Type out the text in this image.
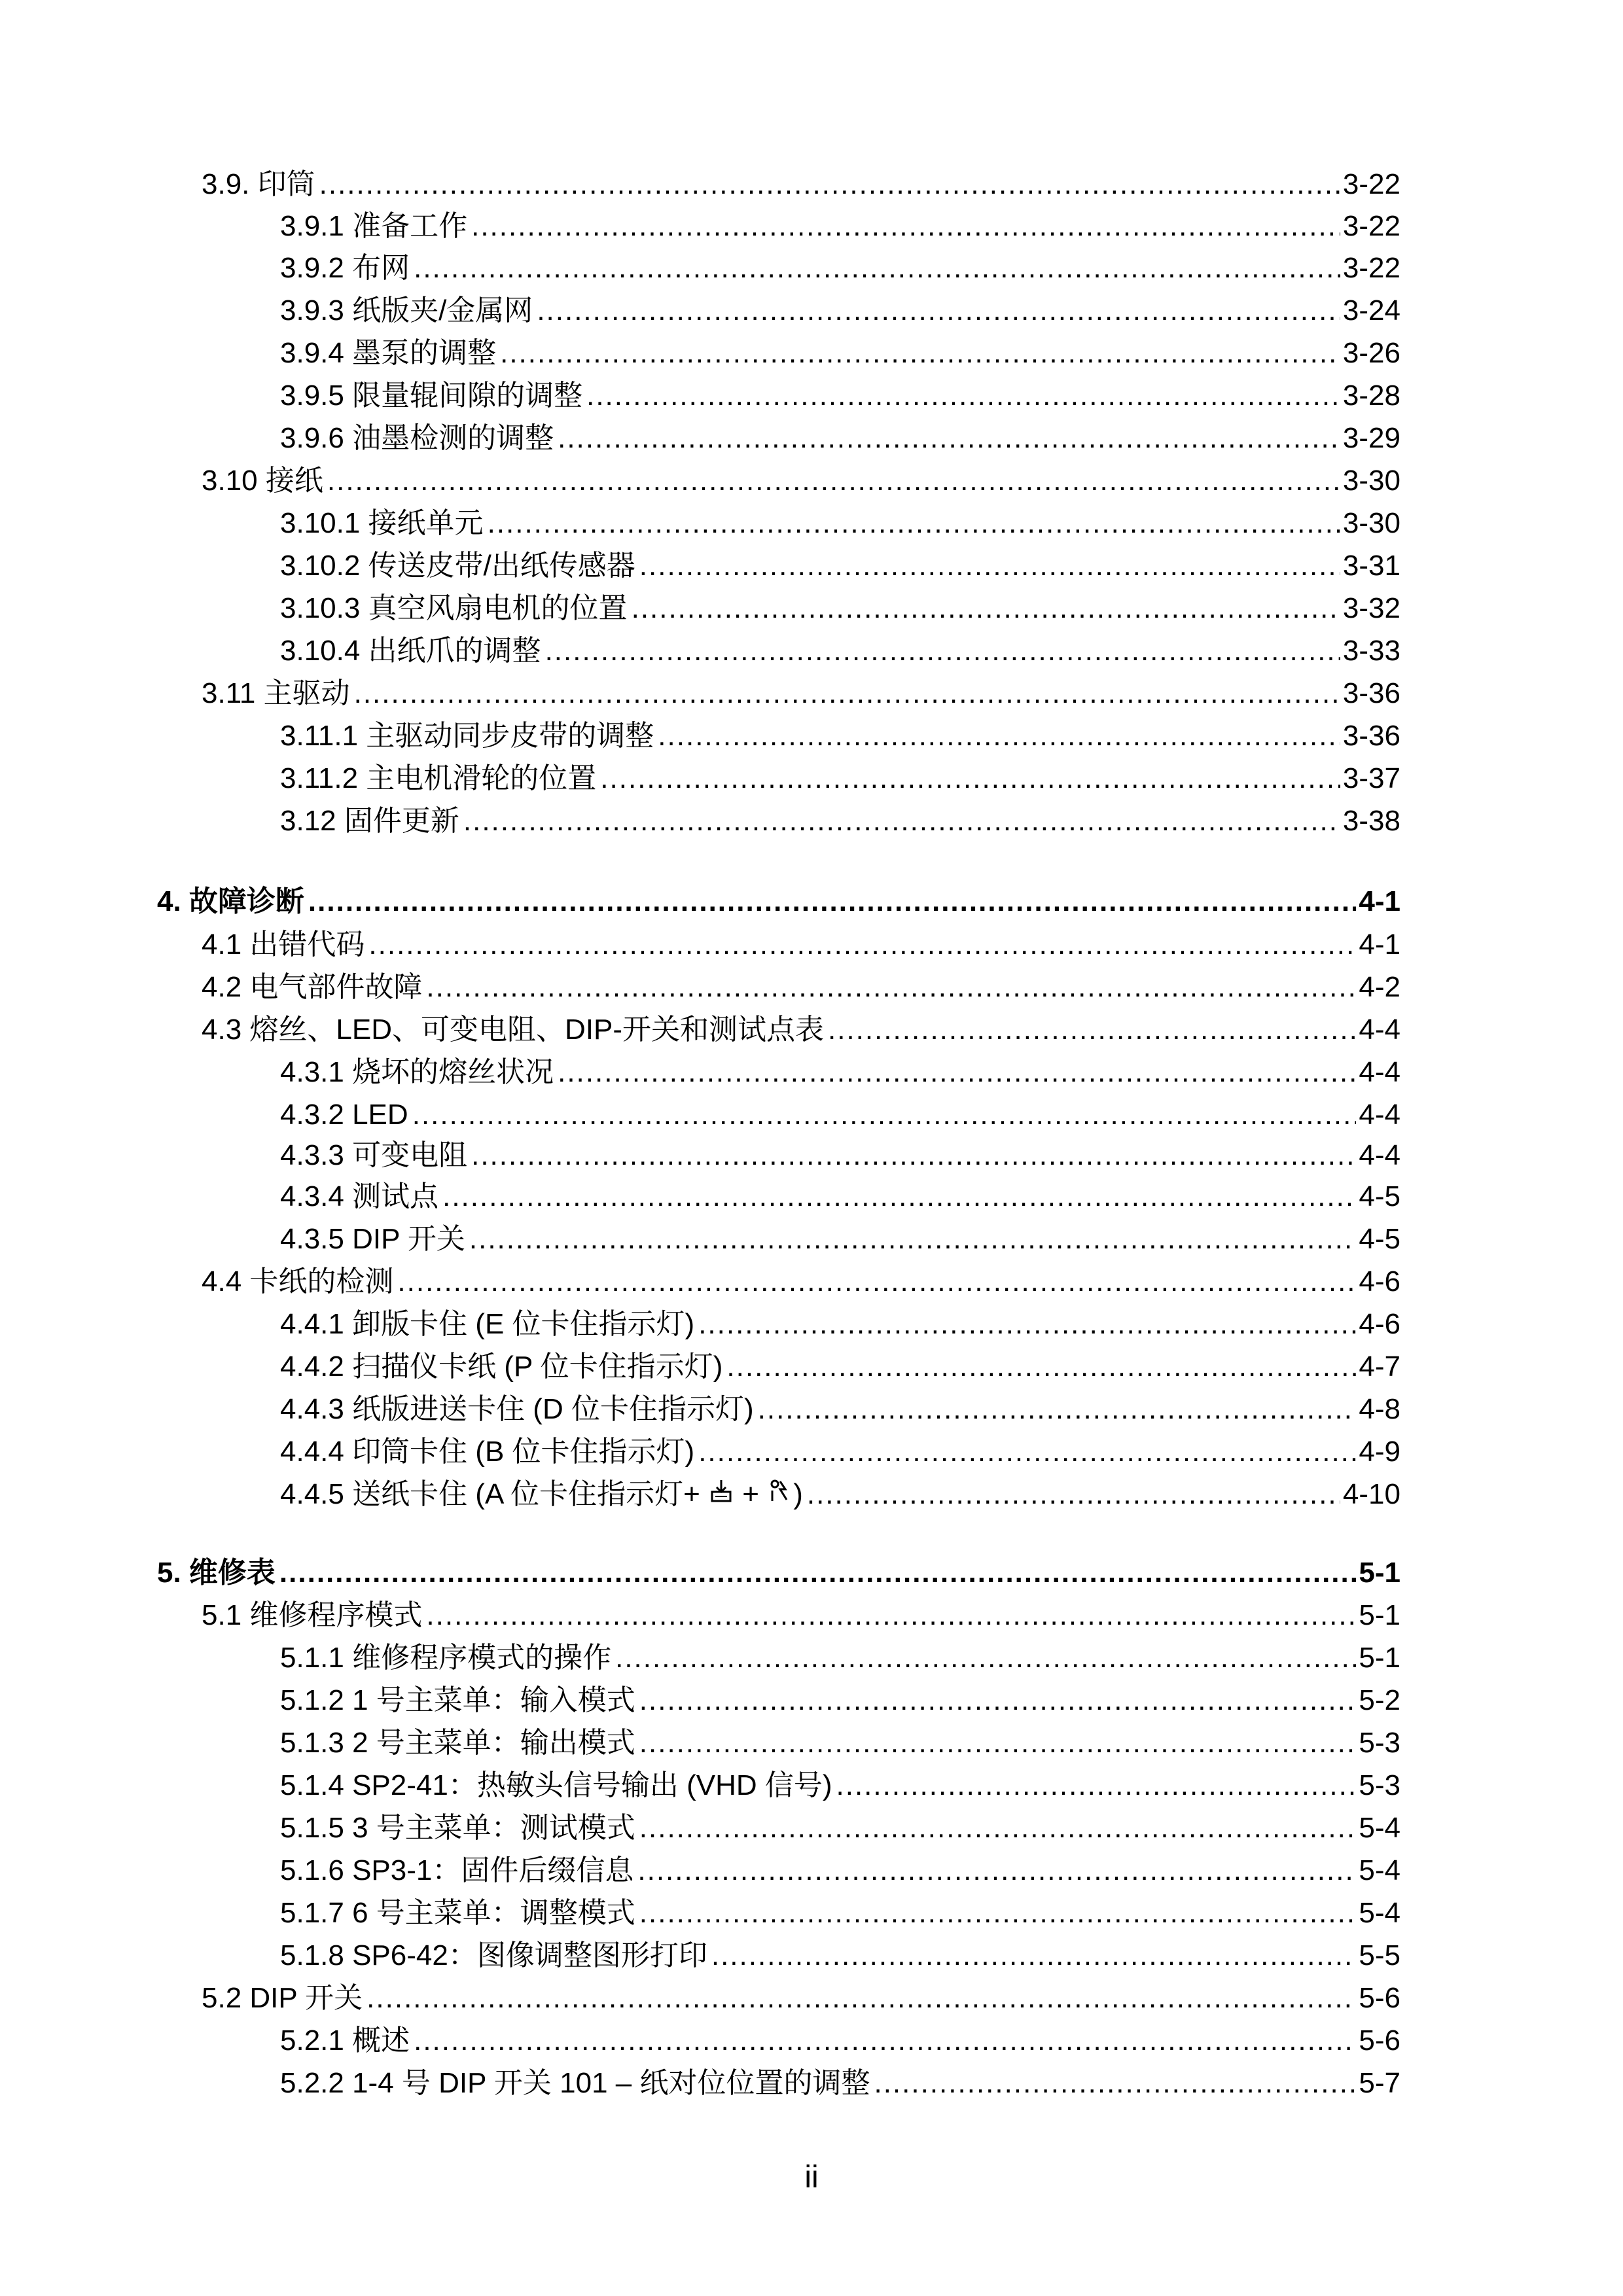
3.9. 印筒 .....	3-22
3.9.1 准备工作 .....	3-22
3.9.2 布网 .....	3-22
3.9.3 纸版夹/金属网 .....	3-24
3.9.4 墨泵的调整 .....	3-26
3.9.5 限量辊间隙的调整 .....	3-28
3.9.6 油墨检测的调整 .....	3-29
3.10 接纸 .....	3-30
3.10.1 接纸单元 .....	3-30
3.10.2 传送皮带/出纸传感器 .....	3-31
3.10.3 真空风扇电机的位置 .....	3-32
3.10.4 出纸爪的调整 .....	3-33
3.11 主驱动 .....	3-36
3.11.1 主驱动同步皮带的调整 .....	3-36
3.11.2 主电机滑轮的位置 .....	3-37
3.12 固件更新 .....	3-38
4. 故障诊断 .....	4-1
4.1 出错代码 .....	4-1
4.2 电气部件故障 .....	4-2
4.3 熔丝、LED、可变电阻、DIP-开关和测试点表 .....	4-4
4.3.1 烧坏的熔丝状况 .....	4-4
4.3.2 LED .....	4-4
4.3.3 可变电阻 .....	4-4
4.3.4 测试点 .....	4-5
4.3.5 DIP 开关 .....	4-5
4.4 卡纸的检测 .....	4-6
4.4.1 卸版卡住 (E 位卡住指示灯) .....	4-6
4.4.2 扫描仪卡纸 (P 位卡住指示灯) .....	4-7
4.4.3 纸版进送卡住 (D 位卡住指示灯) .....	4-8
4.4.4 印筒卡住 (B 位卡住指示灯) .....	4-9
4.4.5 送纸卡住 (A 位卡住指示灯+  + ) .....	4-10
5. 维修表 .....	5-1
5.1 维修程序模式 .....	5-1
5.1.1 维修程序模式的操作 .....	5-1
5.1.2 1 号主菜单：输入模式 .....	5-2
5.1.3 2 号主菜单：输出模式 .....	5-3
5.1.4 SP2-41：热敏头信号输出 (VHD 信号) .....	5-3
5.1.5 3 号主菜单：测试模式 .....	5-4
5.1.6 SP3-1：固件后缀信息 .....	5-4
5.1.7 6 号主菜单：调整模式 .....	5-4
5.1.8 SP6-42：图像调整图形打印 .....	5-5
5.2 DIP 开关 .....	5-6
5.2.1 概述 .....	5-6
5.2.2 1-4 号 DIP 开关 101 – 纸对位位置的调整 .....	5-7
ii
